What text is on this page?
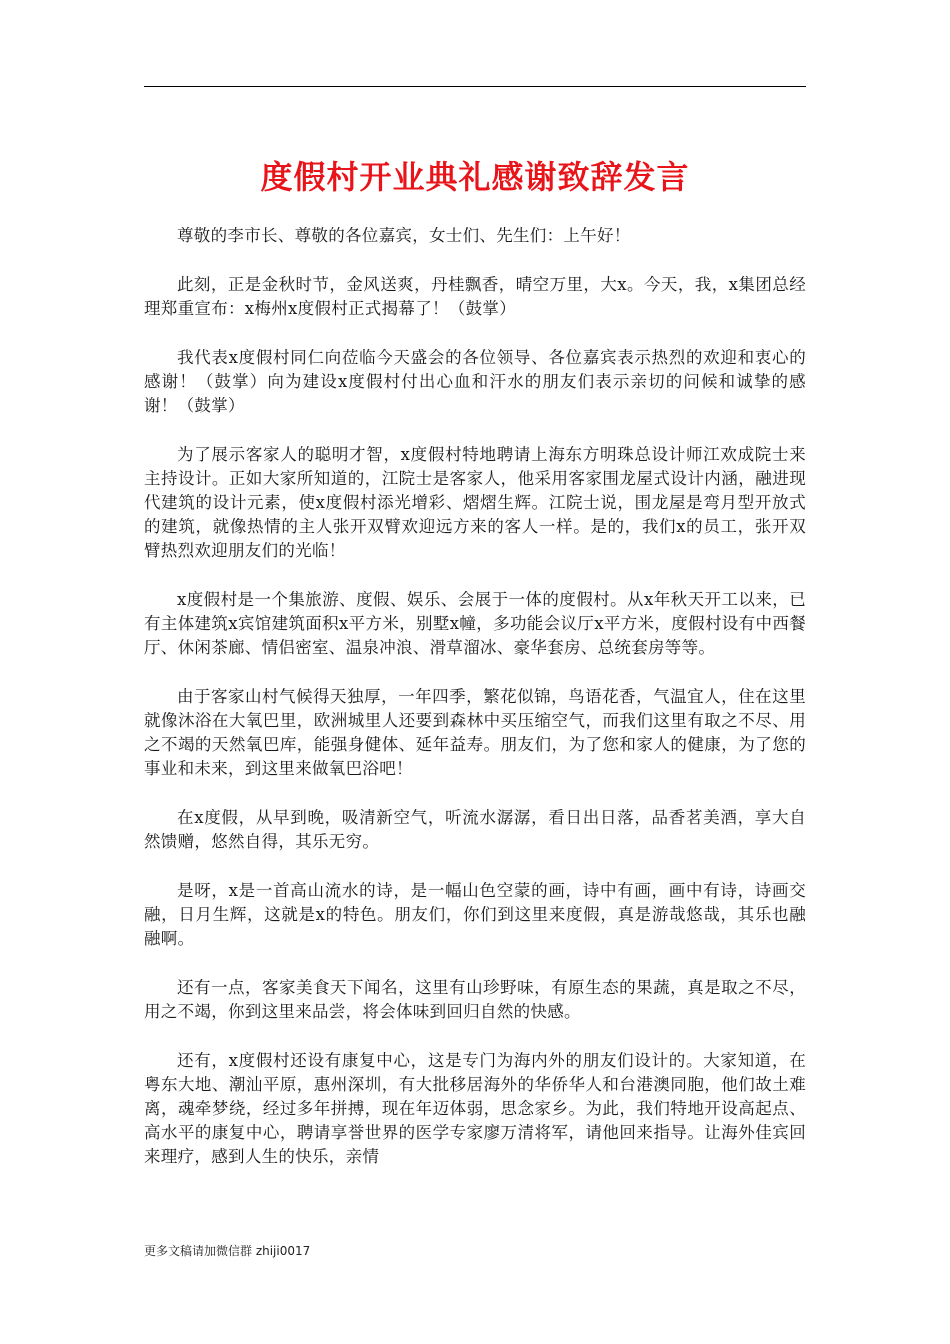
度假村开业典礼感谢致辞发言

尊敬的李市长、尊敬的各位嘉宾，女士们、先生们：上午好！

此刻，正是金秋时节，金风送爽，丹桂飘香，晴空万里，大x。今天，我，x集团总经理郑重宣布：x梅州x度假村正式揭幕了！（鼓掌）

我代表x度假村同仁向莅临今天盛会的各位领导、各位嘉宾表示热烈的欢迎和衷心的感谢！（鼓掌）向为建设x度假村付出心血和汗水的朋友们表示亲切的问候和诚挚的感谢！（鼓掌）

为了展示客家人的聪明才智，x度假村特地聘请上海东方明珠总设计师江欢成院士来主持设计。正如大家所知道的，江院士是客家人，他采用客家围龙屋式设计内涵，融进现代建筑的设计元素，使x度假村添光增彩、熠熠生辉。江院士说，围龙屋是弯月型开放式的建筑，就像热情的主人张开双臂欢迎远方来的客人一样。是的，我们x的员工，张开双臂热烈欢迎朋友们的光临！

x度假村是一个集旅游、度假、娱乐、会展于一体的度假村。从x年秋天开工以来，已有主体建筑x宾馆建筑面积x平方米，别墅x幢，多功能会议厅x平方米，度假村设有中西餐厅、休闲茶廊、情侣密室、温泉冲浪、滑草溜冰、豪华套房、总统套房等等。

由于客家山村气候得天独厚，一年四季，繁花似锦，鸟语花香，气温宜人，住在这里就像沐浴在大氧巴里，欧洲城里人还要到森林中买压缩空气，而我们这里有取之不尽、用之不竭的天然氧巴库，能强身健体、延年益寿。朋友们，为了您和家人的健康，为了您的事业和未来，到这里来做氧巴浴吧！

在x度假，从早到晚，吸清新空气，听流水潺潺，看日出日落，品香茗美酒，享大自然馈赠，悠然自得，其乐无穷。

是呀，x是一首高山流水的诗，是一幅山色空蒙的画，诗中有画，画中有诗，诗画交融，日月生辉，这就是x的特色。朋友们，你们到这里来度假，真是游哉悠哉，其乐也融融啊。

还有一点，客家美食天下闻名，这里有山珍野味，有原生态的果蔬，真是取之不尽，用之不竭，你到这里来品尝，将会体味到回归自然的快感。

还有，x度假村还设有康复中心，这是专门为海内外的朋友们设计的。大家知道，在粤东大地、潮汕平原，惠州深圳，有大批移居海外的华侨华人和台港澳同胞，他们故土难离，魂牵梦绕，经过多年拼搏，现在年迈体弱，思念家乡。为此，我们特地开设高起点、高水平的康复中心，聘请享誉世界的医学专家廖万清将军，请他回来指导。让海外佳宾回来理疗，感到人生的快乐，亲情

更多文稿请加微信群 zhiji0017
